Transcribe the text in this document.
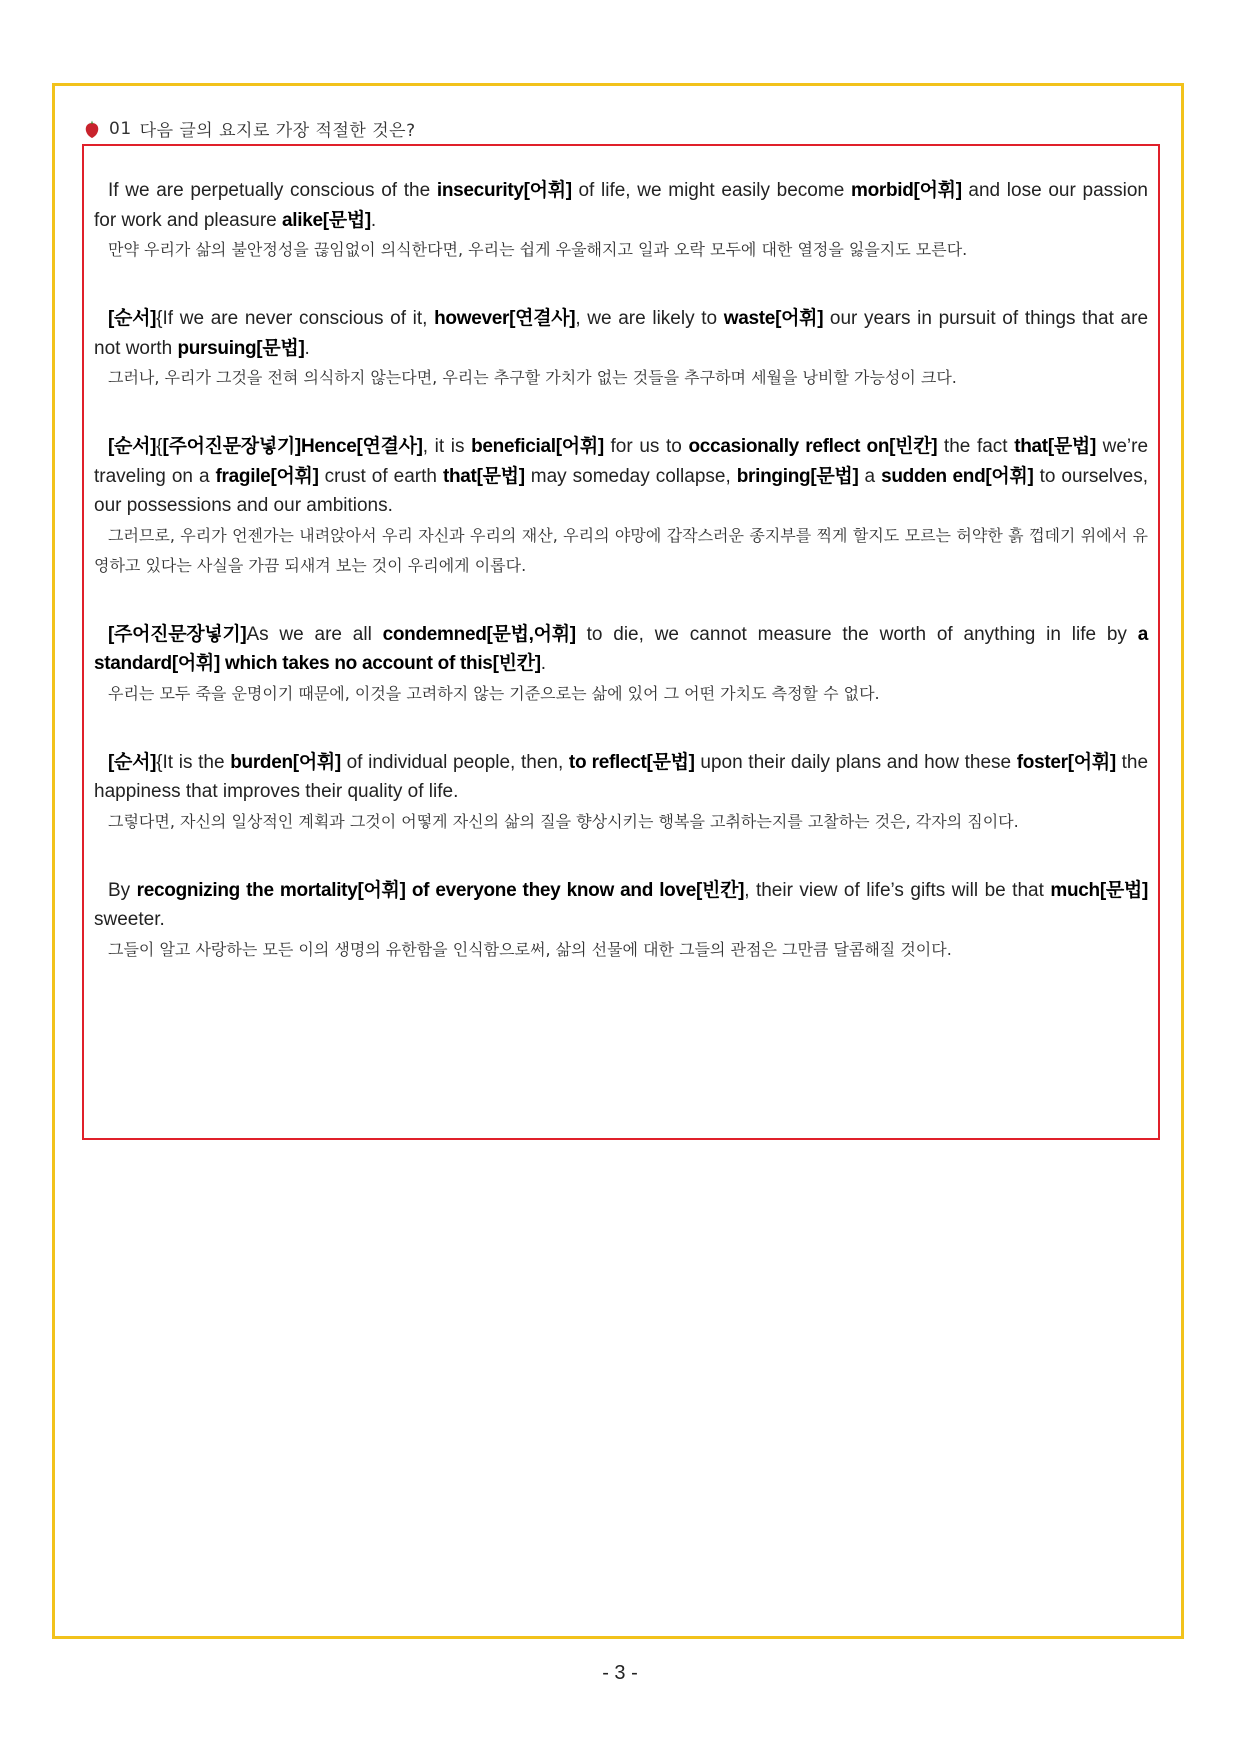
01 다음 글의 요지로 가장 적절한 것은?

If we are perpetually conscious of the insecurity[어휘] of life, we might easily become morbid[어휘] and lose our passion for work and pleasure alike[문법].

만약 우리가 삶의 불안정성을 끊임없이 의식한다면, 우리는 쉽게 우울해지고 일과 오락 모두에 대한 열정을 잃을지도 모른다.

[순서]{If we are never conscious of it, however[연결사], we are likely to waste[어휘] our years in pursuit of things that are not worth pursuing[문법].

그러나, 우리가 그것을 전혀 의식하지 않는다면, 우리는 추구할 가치가 없는 것들을 추구하며 세월을 낭비할 가능성이 크다.

[순서]{[주어진문장넣기]Hence[연결사], it is beneficial[어휘] for us to occasionally reflect on[빈칸] the fact that[문법] we’re traveling on a fragile[어휘] crust of earth that[문법] may someday collapse, bringing[문법] a sudden end[어휘] to ourselves, our possessions and our ambitions.

그러므로, 우리가 언젠가는 내려앉아서 우리 자신과 우리의 재산, 우리의 야망에 갑작스러운 종지부를 찍게 할지도 모르는 허약한 흙 껍데기 위에서 유영하고 있다는 사실을 가끔 되새겨 보는 것이 우리에게 이롭다.

[주어진문장넣기]As we are all condemned[문법,어휘] to die, we cannot measure the worth of anything in life by a standard[어휘] which takes no account of this[빈칸].

우리는 모두 죽을 운명이기 때문에, 이것을 고려하지 않는 기준으로는 삶에 있어 그 어떤 가치도 측정할 수 없다.

[순서]{It is the burden[어휘] of individual people, then, to reflect[문법] upon their daily plans and how these foster[어휘] the happiness that improves their quality of life.

그렇다면, 자신의 일상적인 계획과 그것이 어떻게 자신의 삶의 질을 향상시키는 행복을 고취하는지를 고찰하는 것은, 각자의 짐이다.

By recognizing the mortality[어휘] of everyone they know and love[빈칸], their view of life’s gifts will be that much[문법] sweeter.

그들이 알고 사랑하는 모든 이의 생명의 유한함을 인식함으로써, 삶의 선물에 대한 그들의 관점은 그만큼 달콤해질 것이다.

- 3 -
